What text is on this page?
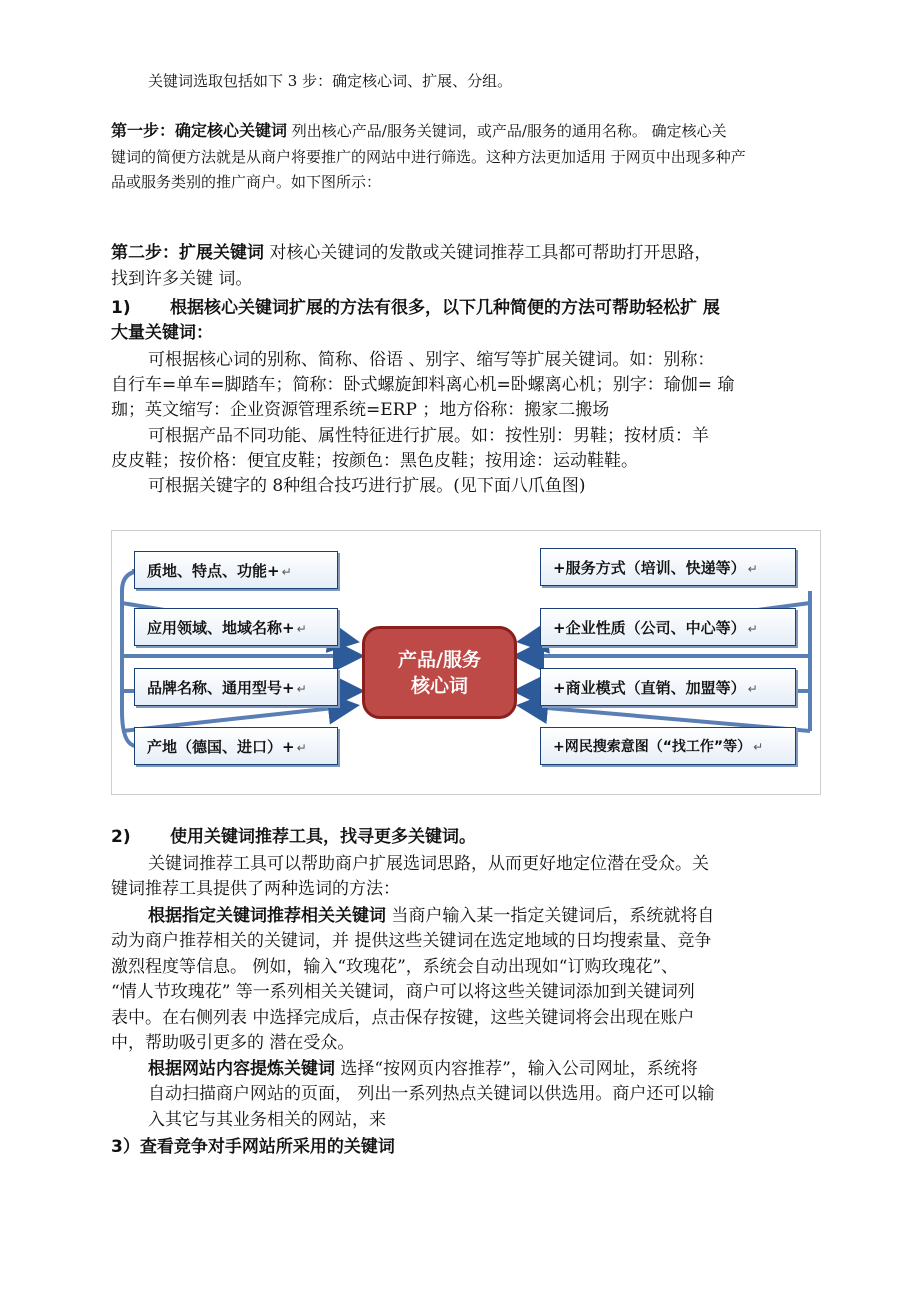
关键词选取包括如下 3 步：确定核心词、扩展、分组。
第一步：确定核心关键词 列出核心产品/服务关键词，或产品/服务的通用名称。 确定核心关
键词的简便方法就是从商户将要推广的网站中进行筛选。这种方法更加适用 于网页中出现多种产
品或服务类别的推广商户。如下图所示：
第二步：扩展关键词 对核心关键词的发散或关键词推荐工具都可帮助打开思路，
找到许多关键 词。
1) 根据核心关键词扩展的方法有很多，以下几种简便的方法可帮助轻松扩 展
大量关键词：
可根据核心词的别称、简称、俗语 、别字、缩写等扩展关键词。如：别称：
自行车=单车=脚踏车；简称：卧式螺旋卸料离心机=卧螺离心机；别字：瑜伽= 瑜
珈；英文缩写：企业资源管理系统=ERP ；地方俗称：搬家二搬场
可根据产品不同功能、属性特征进行扩展。如：按性别：男鞋；按材质：羊
皮皮鞋；按价格：便宜皮鞋；按颜色：黑色皮鞋；按用途：运动鞋鞋。
可根据关键字的 8种组合技巧进行扩展。(见下面八爪鱼图)
质地、特点、功能+ ↵
应用领域、地域名称+ ↵
品牌名称、通用型号+ ↵
产地（德国、进口）+ ↵
产品/服务
核心词
+服务方式（培训、快递等） ↵
+企业性质（公司、中心等） ↵
+商业模式（直销、加盟等） ↵
+网民搜索意图（“找工作”等） ↵
2) 使用关键词推荐工具，找寻更多关键词。
关键词推荐工具可以帮助商户扩展选词思路，从而更好地定位潜在受众。关
键词推荐工具提供了两种选词的方法：
根据指定关键词推荐相关关键词 当商户输入某一指定关键词后，系统就将自
动为商户推荐相关的关键词，并 提供这些关键词在选定地域的日均搜索量、竞争
激烈程度等信息。 例如，输入“玫瑰花”，系统会自动出现如“订购玫瑰花”、
“情人节玫瑰花” 等一系列相关关键词，商户可以将这些关键词添加到关键词列
表中。在右侧列表 中选择完成后，点击保存按键，这些关键词将会出现在账户
中，帮助吸引更多的 潜在受众。
根据网站内容提炼关键词 选择“按网页内容推荐”，输入公司网址，系统将
自动扫描商户网站的页面， 列出一系列热点关键词以供选用。商户还可以输
入其它与其业务相关的网站，来
3）查看竞争对手网站所采用的关键词
